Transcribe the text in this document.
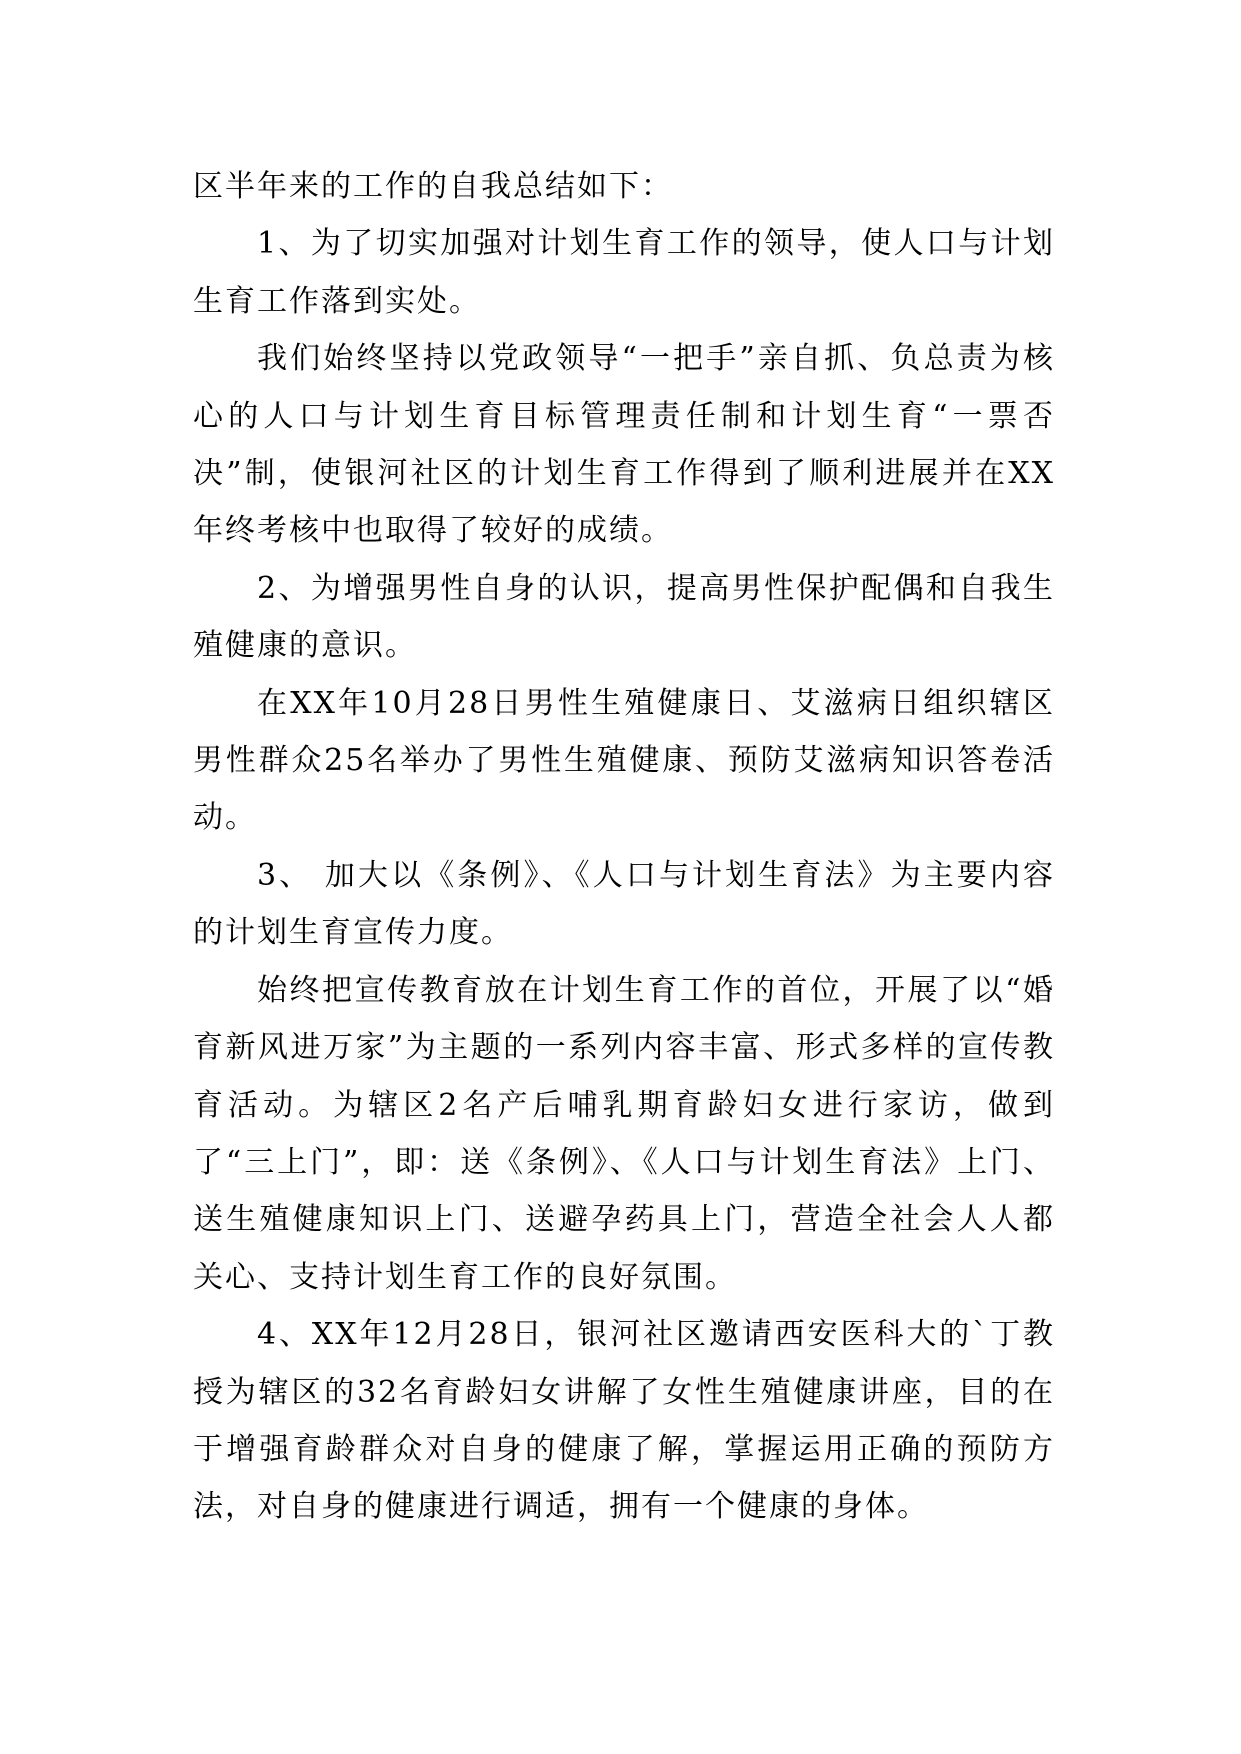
区半年来的工作的自我总结如下：

1、为了切实加强对计划生育工作的领导，使人口与计划生育工作落到实处。

我们始终坚持以党政领导“一把手”亲自抓、负总责为核心的人口与计划生育目标管理责任制和计划生育“一票否决”制，使银河社区的计划生育工作得到了顺利进展并在XX年终考核中也取得了较好的成绩。

2、为增强男性自身的认识，提高男性保护配偶和自我生殖健康的意识。

在XX年10月28日男性生殖健康日、艾滋病日组织辖区男性群众25名举办了男性生殖健康、预防艾滋病知识答卷活动。

3、 加大以《条例》、《人口与计划生育法》为主要内容的计划生育宣传力度。

始终把宣传教育放在计划生育工作的首位，开展了以“婚育新风进万家”为主题的一系列内容丰富、形式多样的宣传教育活动。为辖区2名产后哺乳期育龄妇女进行家访，做到了“三上门”，即：送《条例》、《人口与计划生育法》上门、送生殖健康知识上门、送避孕药具上门，营造全社会人人都关心、支持计划生育工作的良好氛围。

4、XX年12月28日，银河社区邀请西安医科大的`丁教授为辖区的32名育龄妇女讲解了女性生殖健康讲座，目的在于增强育龄群众对自身的健康了解，掌握运用正确的预防方法，对自身的健康进行调适，拥有一个健康的身体。
